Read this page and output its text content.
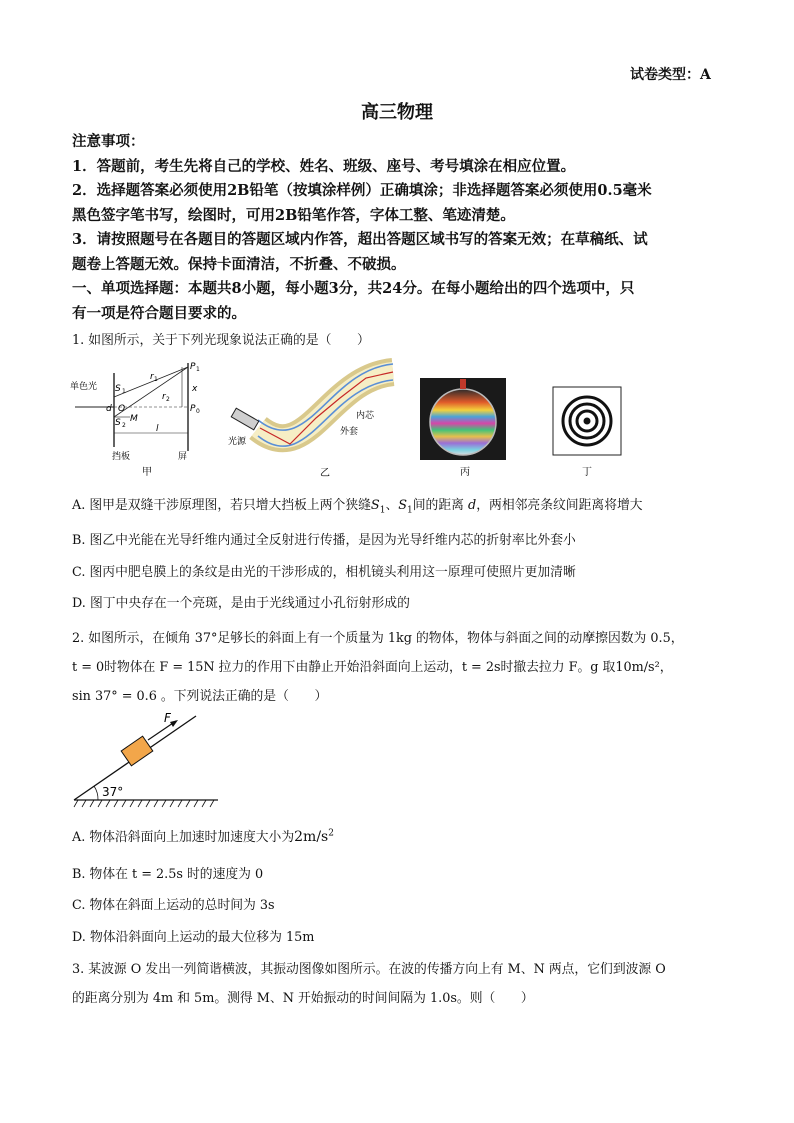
试卷类型：A
高三物理

注意事项：

1．答题前，考生先将自己的学校、姓名、班级、座号、考号填涂在相应位置。

2．选择题答案必须使用2B铅笔（按填涂样例）正确填涂；非选择题答案必须使用0.5毫米

黑色签字笔书写，绘图时，可用2B铅笔作答，字体工整、笔迹清楚。

3．请按照题号在各题目的答题区域内作答，超出答题区域书写的答案无效；在草稿纸、试

题卷上答题无效。保持卡面清洁，不折叠、不破损。

一、单项选择题：本题共8小题，每小题3分，共24分。在每小题给出的四个选项中，只

有一项是符合题目要求的。

1. 如图所示，关于下列光现象说法正确的是（　　）
单色光 S 1
S 2
d O
M
r 1
r 2
P 1
P 0
x
l
挡板	屏
甲
光源
内芯
外套
乙	丙	丁
A. 图甲是双缝干涉原理图，若只增大挡板上两个狭缝$S_1$、$S_1$间的距离 d，两相邻亮条纹间距离将增大
B. 图乙中光能在光导纤维内通过全反射进行传播，是因为光导纤维内芯的折射率比外套小
C. 图丙中肥皂膜上的条纹是由光的干涉形成的，相机镜头利用这一原理可使照片更加清晰
D. 图丁中央存在一个亮斑，是由于光线通过小孔衍射形成的

2. 如图所示，在倾角 37°足够长的斜面上有一个质量为 1kg 的物体，物体与斜面之间的动摩擦因数为 0.5，

t = 0时物体在 F = 15N 拉力的作用下由静止开始沿斜面向上运动，t = 2s时撤去拉力 F。g 取10m/s²，

sin 37° = 0.6 。下列说法正确的是（　　）

F
37°
A. 物体沿斜面向上加速时加速度大小为$2m/s^2$
B. 物体在 t = 2.5s 时的速度为 0
C. 物体在斜面上运动的总时间为 3s
D. 物体沿斜面向上运动的最大位移为 15m

3. 某波源 O 发出一列简谐横波，其振动图像如图所示。在波的传播方向上有 M、N 两点，它们到波源 O

的距离分别为 4m 和 5m。测得 M、N 开始振动的时间间隔为 1.0s。则（　　）
